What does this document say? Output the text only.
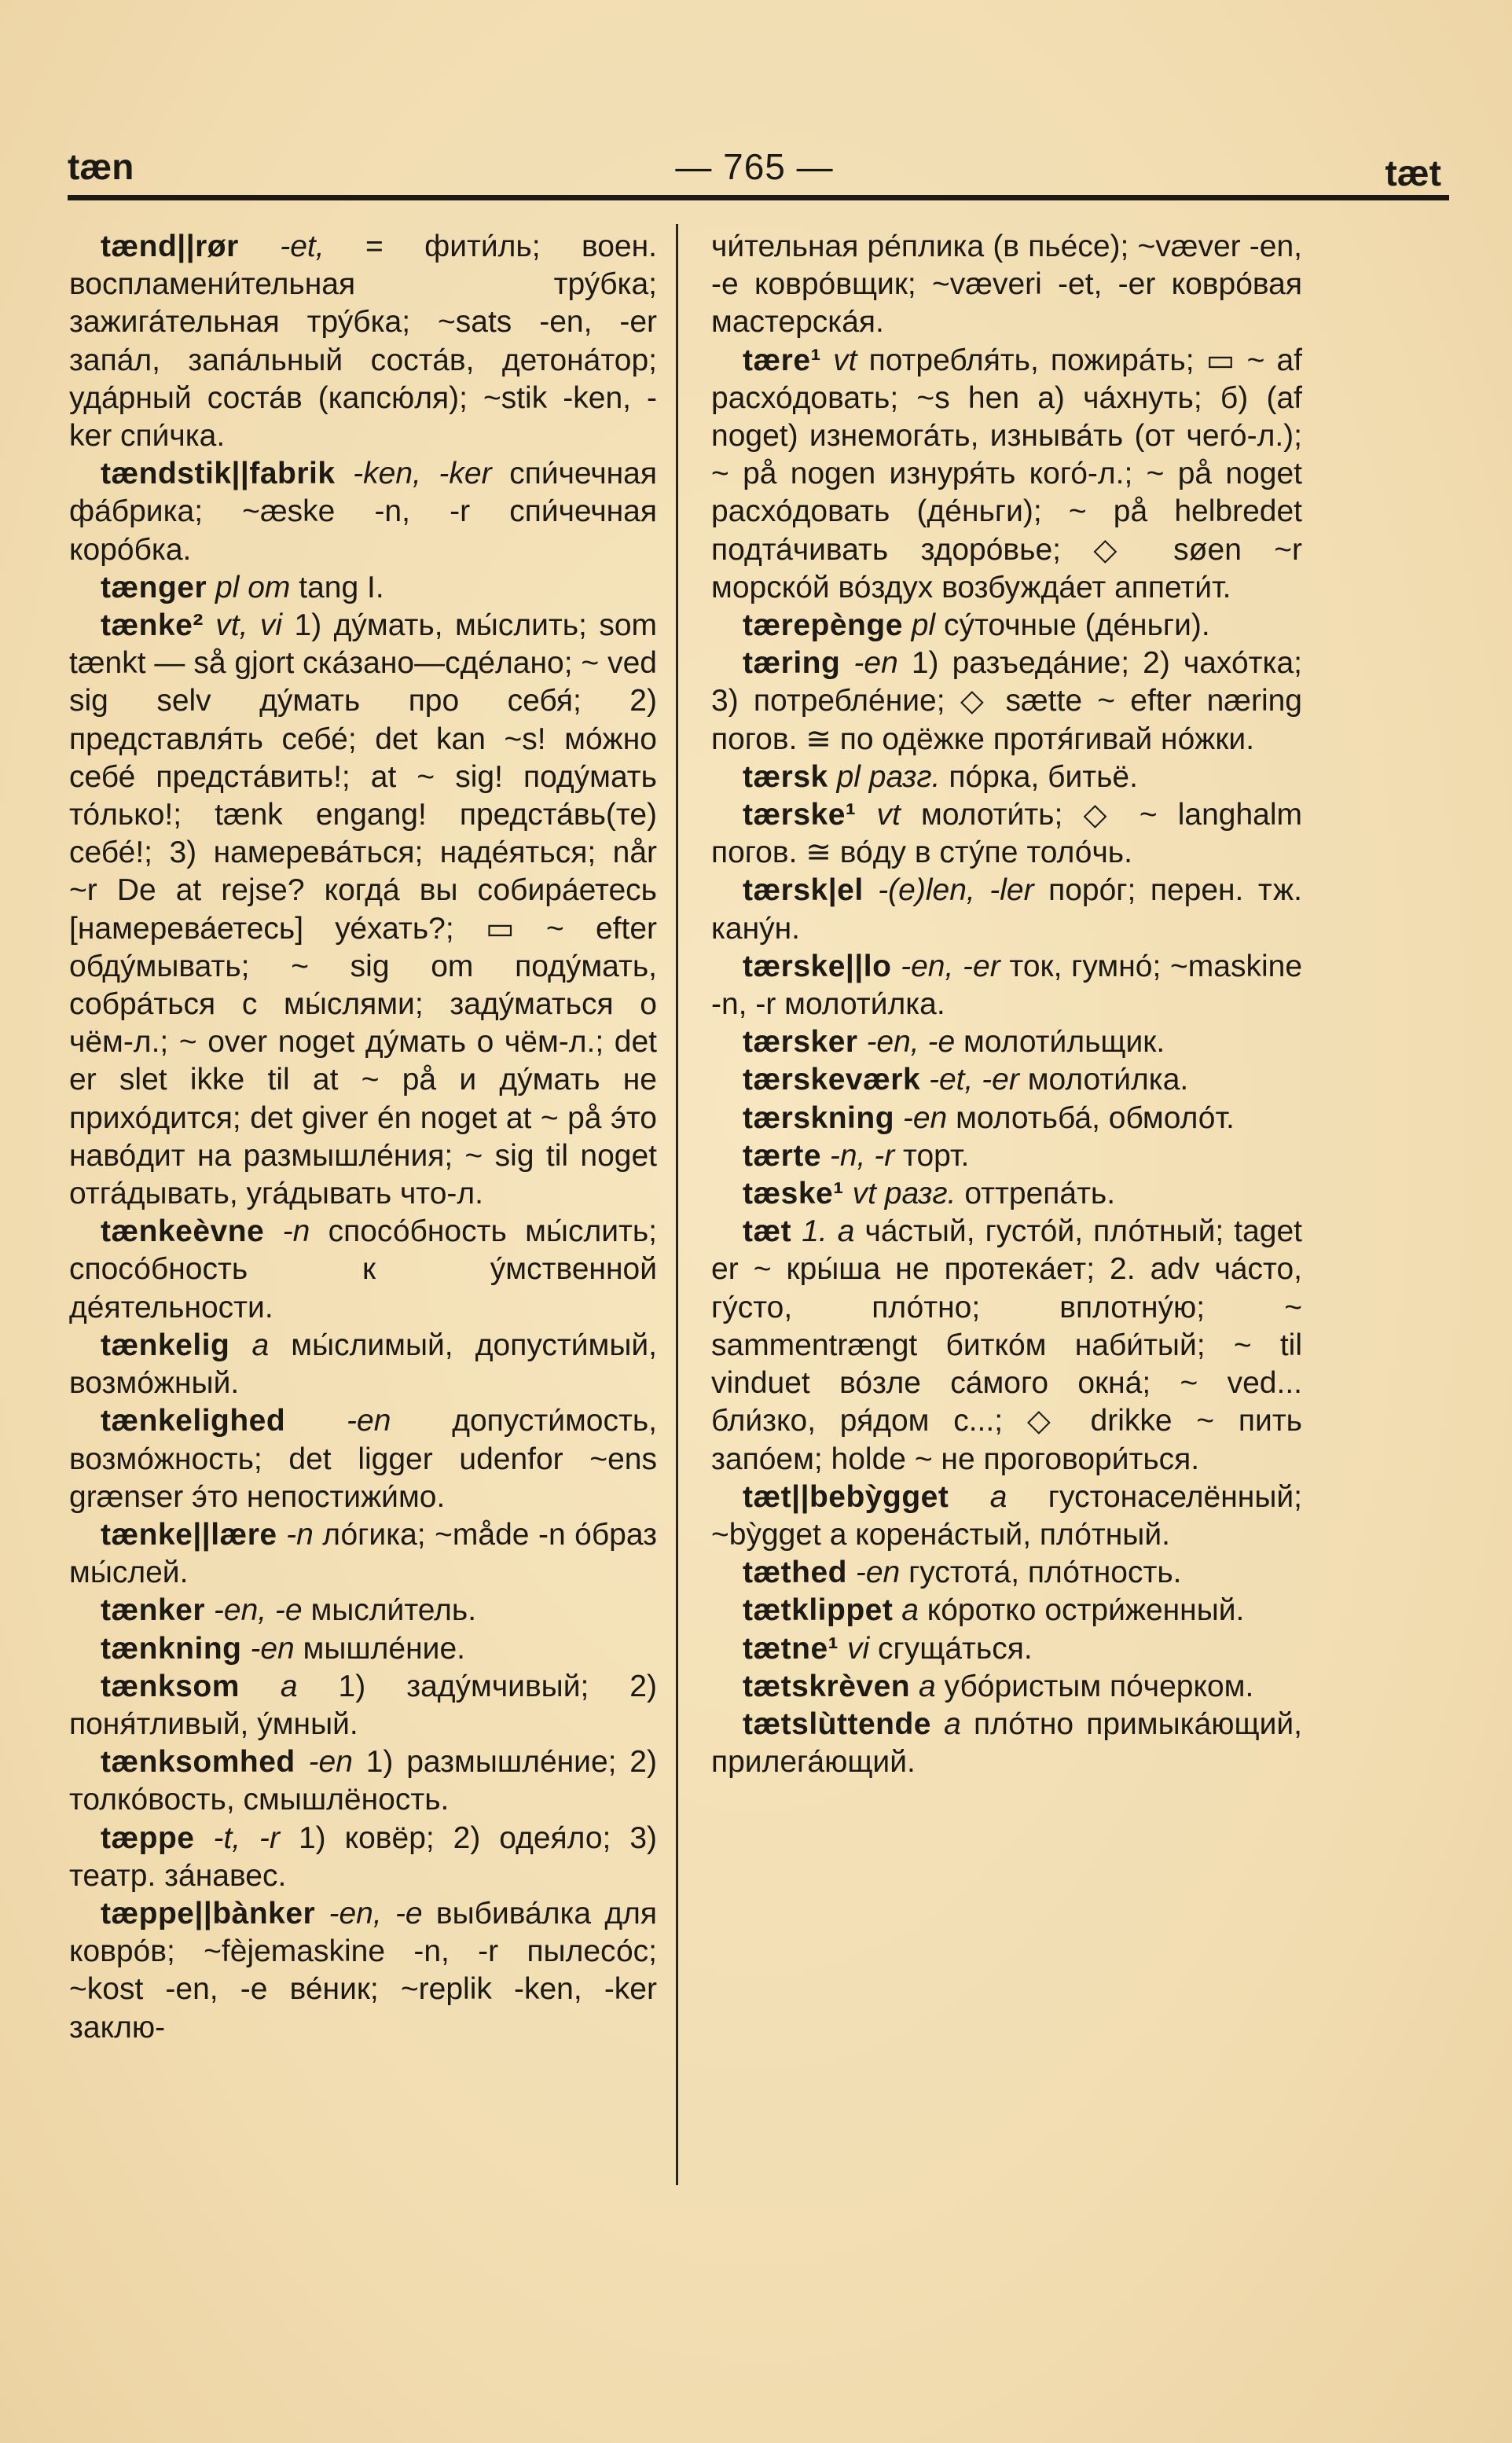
tæn	— 765 —	tæt

tænd||rør -et, = фити́ль; воен. воспламени́тельная тру́бка; зажига́тельная тру́бка; ~sats -en, -er запа́л, запа́льный соста́в, детона́тор; уда́рный соста́в (капсю́ля); ~stik -ken, -ker спи́чка.

tændstik||fabrik -ken, -ker спи́чечная фа́брика; ~æske -n, -r спи́чечная коро́бка.

tænger pl om tang I.

tænke² vt, vi 1) ду́мать, мы́слить; som tænkt — så gjort ска́зано—сде́лано; ~ ved sig selv ду́мать про себя́; 2) представля́ть себе́; det kan ~s! мо́жно себе́ предста́вить!; at ~ sig! поду́мать то́лько!; tænk engang! предста́вь(те) себе́!; 3) намерева́ться; наде́яться; når ~r De at rejse? когда́ вы собира́етесь [намерева́етесь] уе́хать?; ▭ ~ efter обду́мывать; ~ sig om поду́мать, собра́ться с мы́слями; заду́маться о чём-л.; ~ over noget ду́мать о чём-л.; det er slet ikke til at ~ på и ду́мать не прихо́дится; det giver én noget at ~ på э́то наво́дит на размышле́ния; ~ sig til noget отга́дывать, уга́дывать что-л.

tænkeèvne -n спосо́бность мы́слить; спосо́бность к у́мственной де́ятельности.

tænkelig a мы́слимый, допусти́мый, возмо́жный.

tænkelighed -en допусти́мость, возмо́жность; det ligger udenfor ~ens grænser э́то непостижи́мо.

tænke||lære -n ло́гика; ~måde -n о́браз мы́слей.

tænker -en, -e мысли́тель.

tænkning -en мышле́ние.

tænksom a 1) заду́мчивый; 2) поня́тливый, у́мный.

tænksomhed -en 1) размышле́ние; 2) толко́вость, смышлёность.

tæppe -t, -r 1) ковёр; 2) одея́ло; 3) театр. за́навес.

tæppe||bànker -en, -e выбива́лка для ковро́в; ~fèjemaskine -n, -r пылесо́с; ~kost -en, -e ве́ник; ~replik -ken, -ker заклю-

чи́тельная ре́плика (в пье́се); ~væver -en, -e ковро́вщик; ~væveri -et, -er ковро́вая мастерска́я.

tære¹ vt потребля́ть, пожира́ть; ▭ ~ af расхо́довать; ~s hen а) ча́хнуть; б) (af noget) изнемога́ть, изныва́ть (от чего́-л.); ~ på nogen изнуря́ть кого́-л.; ~ på noget расхо́довать (де́ньги); ~ på helbredet подта́чивать здоро́вье; ◇ søen ~r морско́й во́здух возбужда́ет аппети́т.

tærepènge pl су́точные (де́ньги).

tæring -en 1) разъеда́ние; 2) чахо́тка; 3) потребле́ние; ◇ sætte ~ efter næring погов. ≅ по одёжке протя́гивай но́жки.

tærsk pl разг. по́рка, битьё.

tærske¹ vt молоти́ть; ◇ ~ langhalm погов. ≅ во́ду в сту́пе толо́чь.

tærsk|el -(e)len, -ler поро́г; перен. тж. кану́н.

tærske||lo -en, -er ток, гумно́; ~maskine -n, -r молоти́лка.

tærsker -en, -e молоти́льщик.

tærskeværk -et, -er молоти́лка.

tærskning -en молотьба́, обмоло́т.

tærte -n, -r торт.

tæske¹ vt разг. оттрепа́ть.

tæt 1. a ча́стый, густо́й, пло́тный; taget er ~ кры́ша не протека́ет; 2. adv ча́сто, гу́сто, пло́тно; вплотну́ю; ~ sammentrængt битко́м наби́тый; ~ til vinduet во́зле са́мого окна́; ~ ved... бли́зко, ря́дом с...; ◇ drikke ~ пить запо́ем; holde ~ не проговори́ться.

tæt||bebỳgget a густонаселённый; ~bỳgget a корена́стый, пло́тный.

tæthed -en густота́, пло́тность.

tætklippet a ко́ротко остри́женный.

tætne¹ vi сгуща́ться.

tætskrèven a убо́ристым по́черком.

tætslùttende a пло́тно примыка́ющий, прилега́ющий.
